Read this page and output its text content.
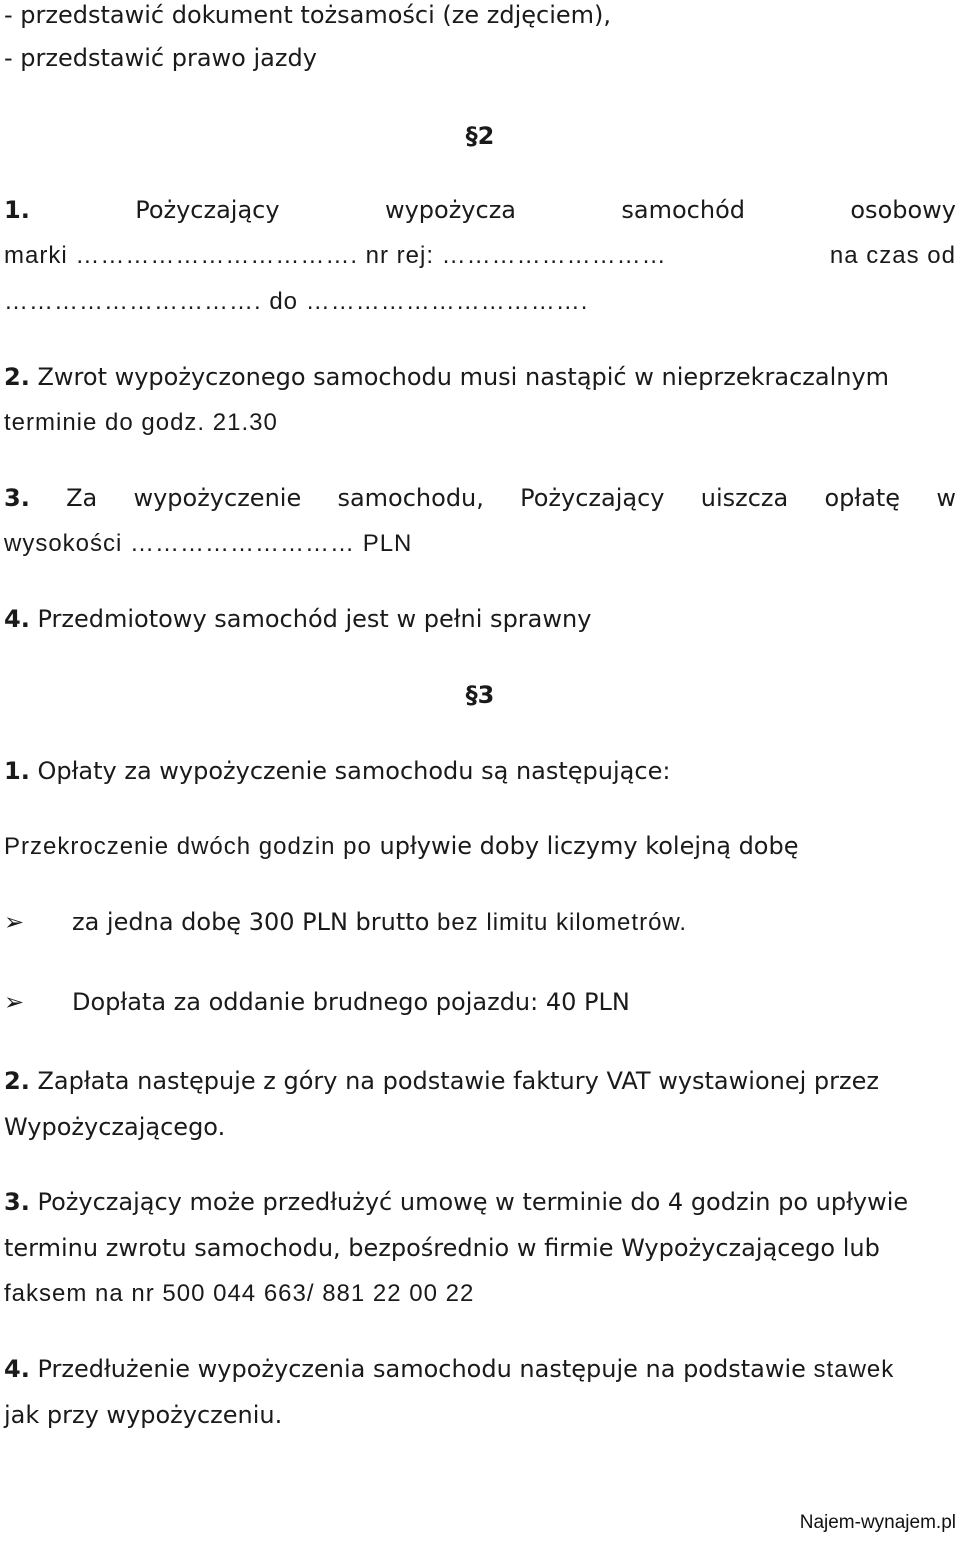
- przedstawić dokument tożsamości (ze zdjęciem),
- przedstawić prawo jazdy
§2
1.	Pożyczający	wypożycza	samochód	osobowy
marki ……………………………. nr rej: ………………………	na czas od
…………………………. do …………………………….
2. Zwrot wypożyczonego samochodu musi nastąpić w nieprzekraczalnym
terminie do godz. 21.30
3. Za wypożyczenie samochodu, Pożyczający uiszcza opłatę w
wysokości ……………………… PLN
4. Przedmiotowy samochód jest w pełni sprawny
§3
1. Opłaty za wypożyczenie samochodu są następujące:
Przekroczenie dwóch godzin po upływie doby liczymy kolejną dobę
➢ za jedna dobę 300 PLN brutto bez limitu kilometrów.
➢ Dopłata za oddanie brudnego pojazdu: 40 PLN
2. Zapłata następuje z góry na podstawie faktury VAT wystawionej przez
Wypożyczającego.
3. Pożyczający może przedłużyć umowę w terminie do 4 godzin po upływie
terminu zwrotu samochodu, bezpośrednio w firmie Wypożyczającego lub
faksem na nr 500 044 663/ 881 22 00 22
4. Przedłużenie wypożyczenia samochodu następuje na podstawie stawek
jak przy wypożyczeniu.
Najem-wynajem.pl
